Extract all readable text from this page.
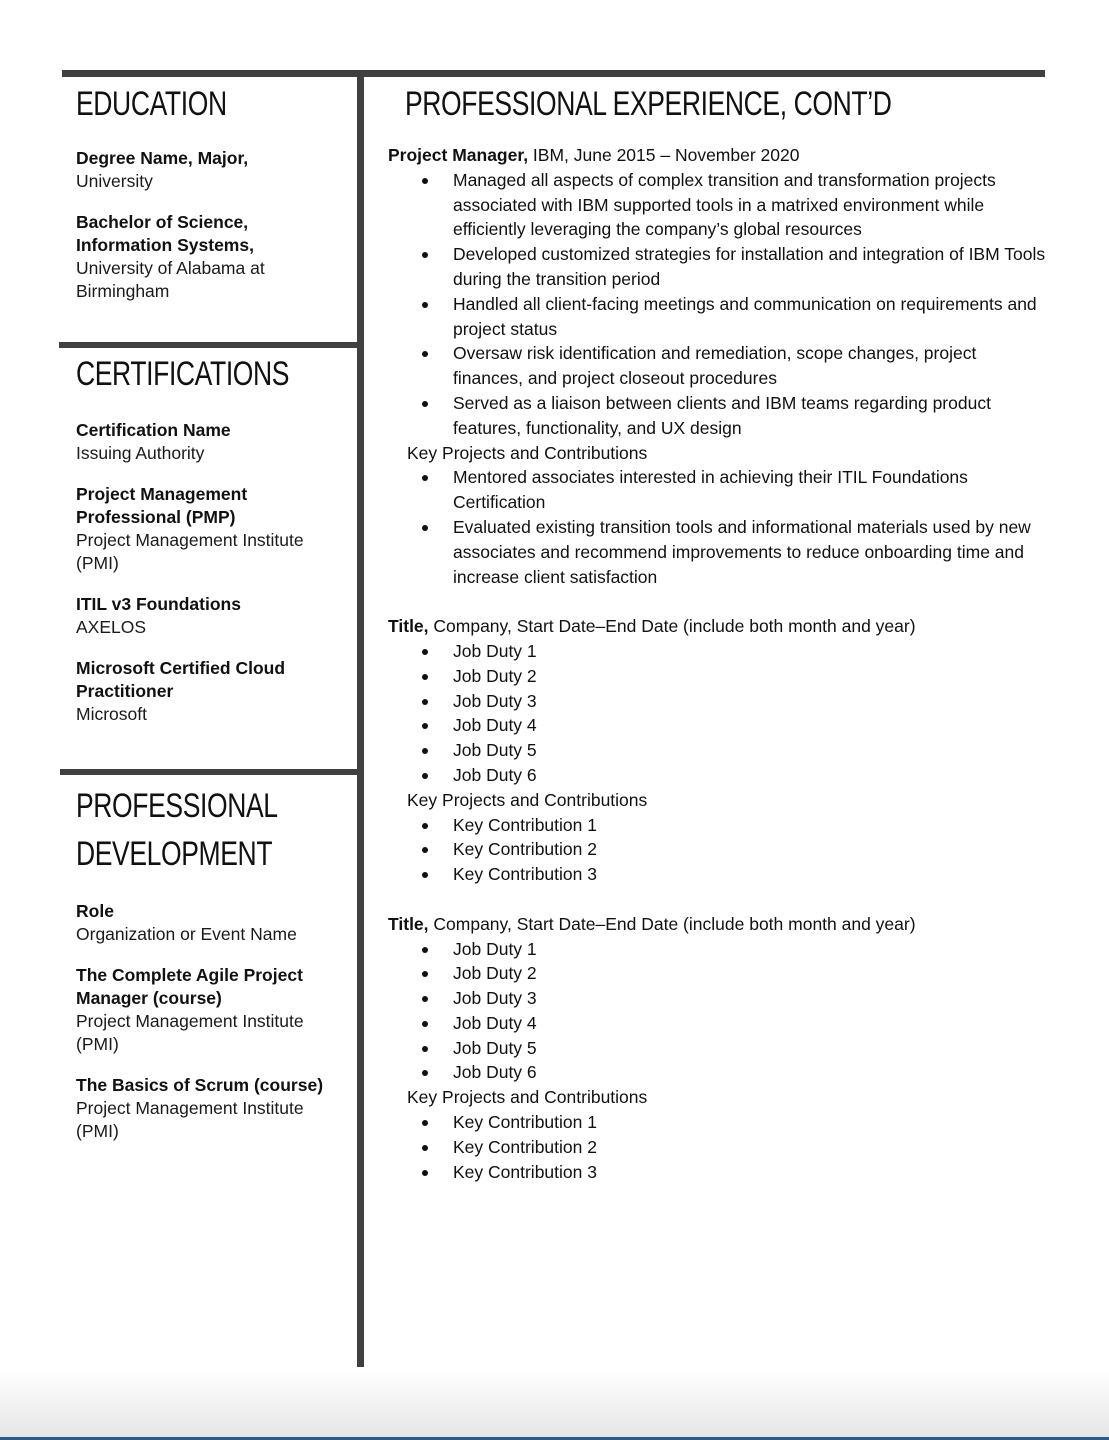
EDUCATION
Degree Name, Major,
University
Bachelor of Science, Information Systems,
University of Alabama at Birmingham
CERTIFICATIONS
Certification Name
Issuing Authority
Project Management Professional (PMP)
Project Management Institute (PMI)
ITIL v3 Foundations
AXELOS
Microsoft Certified Cloud Practitioner
Microsoft
PROFESSIONAL
DEVELOPMENT
Role
Organization or Event Name
The Complete Agile Project Manager (course)
Project Management Institute (PMI)
The Basics of Scrum (course)
Project Management Institute (PMI)
PROFESSIONAL EXPERIENCE, CONT’D
Project Manager, IBM, June 2015 – November 2020
Managed all aspects of complex transition and transformation projects associated with IBM supported tools in a matrixed environment while efficiently leveraging the company’s global resources
Developed customized strategies for installation and integration of IBM Tools during the transition period
Handled all client-facing meetings and communication on requirements and project status
Oversaw risk identification and remediation, scope changes, project finances, and project closeout procedures
Served as a liaison between clients and IBM teams regarding product features, functionality, and UX design
Key Projects and Contributions
Mentored associates interested in achieving their ITIL Foundations Certification
Evaluated existing transition tools and informational materials used by new associates and recommend improvements to reduce onboarding time and increase client satisfaction
Title, Company, Start Date–End Date (include both month and year)
Job Duty 1
Job Duty 2
Job Duty 3
Job Duty 4
Job Duty 5
Job Duty 6
Key Projects and Contributions
Key Contribution 1
Key Contribution 2
Key Contribution 3
Title, Company, Start Date–End Date (include both month and year)
Job Duty 1
Job Duty 2
Job Duty 3
Job Duty 4
Job Duty 5
Job Duty 6
Key Projects and Contributions
Key Contribution 1
Key Contribution 2
Key Contribution 3
